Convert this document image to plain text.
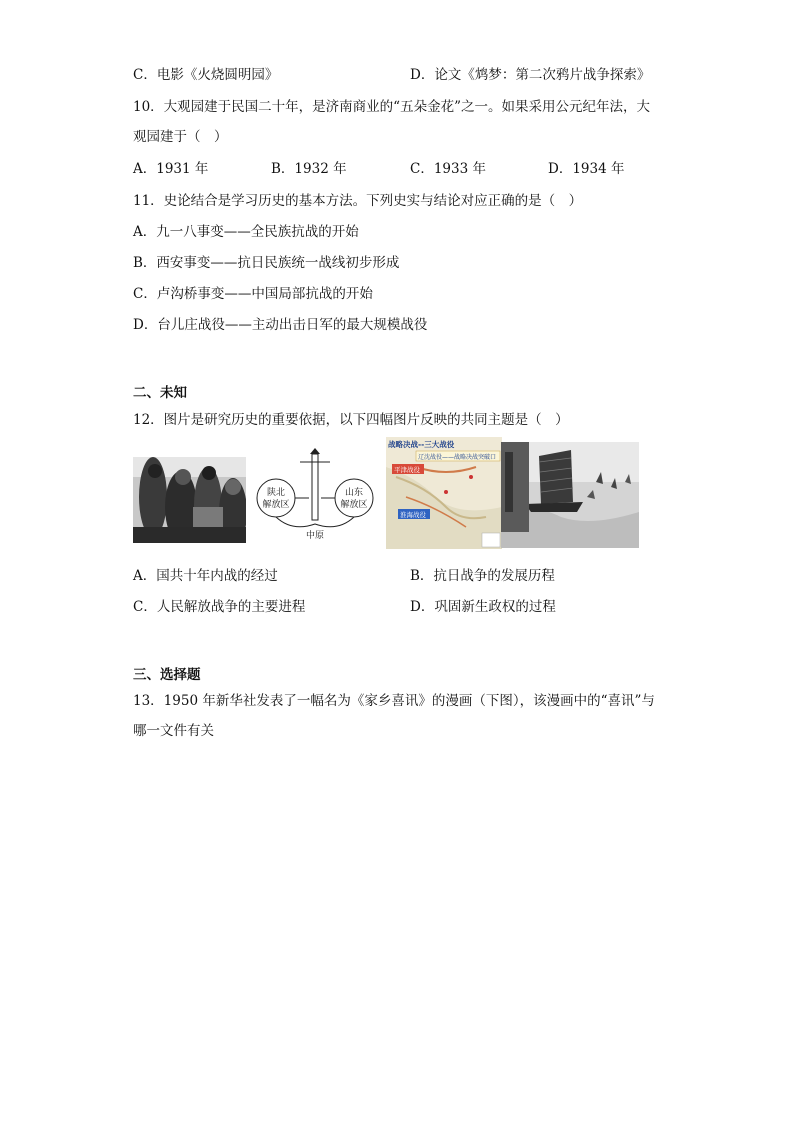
C．电影《火烧圆明园》	D．论文《鸩梦：第二次鸦片战争探索》
10．大观园建于民国二十年，是济南商业的“五朵金花”之一。如果采用公元纪年法，大
观园建于（　）
A．1931 年	B．1932 年	C．1933 年	D．1934 年
11．史论结合是学习历史的基本方法。下列史实与结论对应正确的是（　）
A．九一八事变——全民族抗战的开始
B．西安事变——抗日民族统一战线初步形成
C．卢沟桥事变——中国局部抗战的开始
D．台儿庄战役——主动出击日军的最大规模战役
二、未知
12．图片是研究历史的重要依据，以下四幅图片反映的共同主题是（　）
陕北
解放区
山东
解放区
中原
战略决战--三大战役
辽沈战役——战略决战突破口
平津战役
淮海战役
A．国共十年内战的经过	B．抗日战争的发展历程
C．人民解放战争的主要进程	D．巩固新生政权的过程
三、选择题
13．1950 年新华社发表了一幅名为《家乡喜讯》的漫画（下图），该漫画中的“喜讯”与
哪一文件有关
